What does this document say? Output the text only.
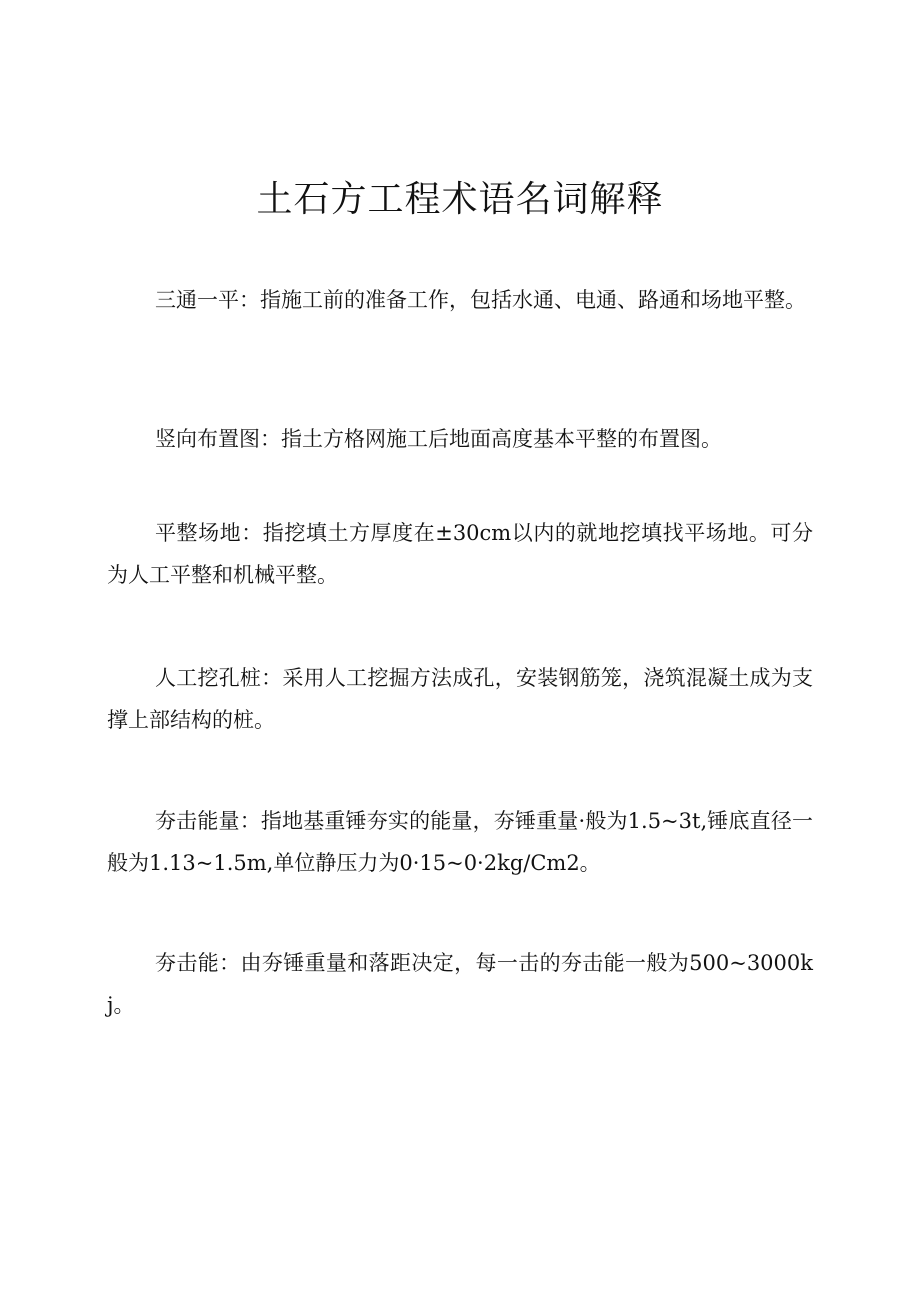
土石方工程术语名词解释

三通一平：指施工前的准备工作，包括水通、电通、路通和场地平整。

竖向布置图：指土方格网施工后地面高度基本平整的布置图。

平整场地：指挖填土方厚度在±30cm以内的就地挖填找平场地。可分为人工平整和机械平整。

人工挖孔桩：采用人工挖掘方法成孔，安装钢筋笼，浇筑混凝土成为支撑上部结构的桩。

夯击能量：指地基重锤夯实的能量，夯锤重量·般为1.5~3t,锤底直径一般为1.13~1.5m,单位静压力为0·15~0·2kg/Cm2。

夯击能：由夯锤重量和落距决定，每一击的夯击能一般为500~3000kj。
